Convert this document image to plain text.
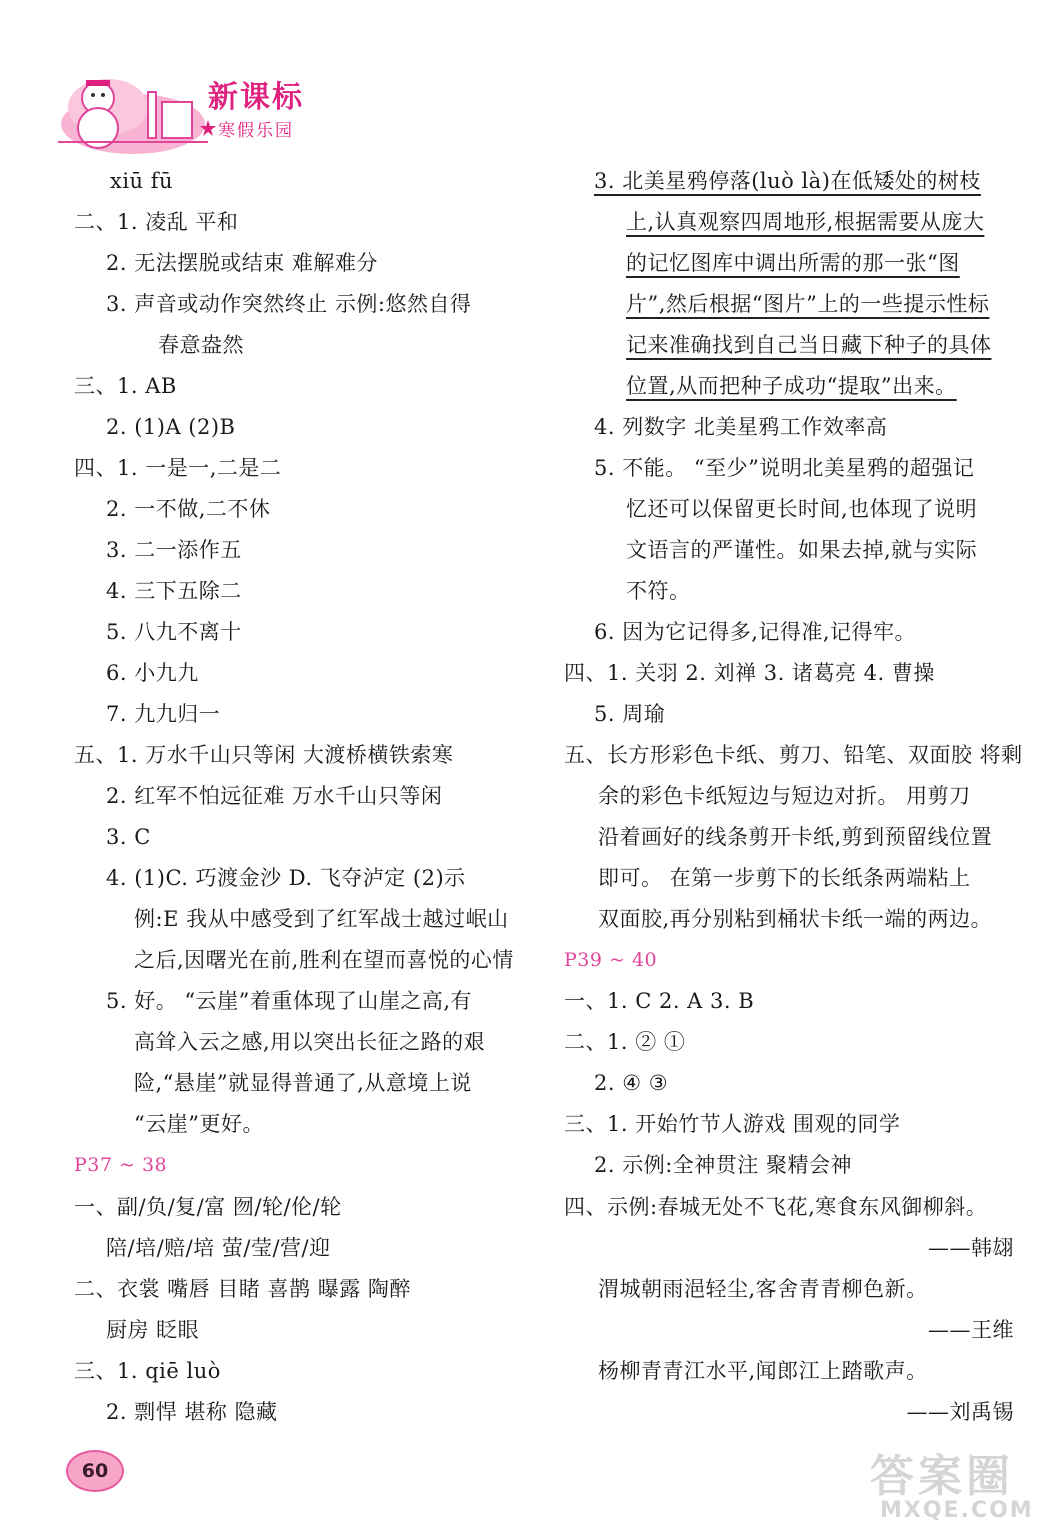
新课标
寒假乐园
xiū fū
二、1. 凌乱 平和
2. 无法摆脱或结束 难解难分
3. 声音或动作突然终止 示例:悠然自得
春意盎然
三、1. AB
2. (1)A (2)B
四、1. 一是一,二是二
2. 一不做,二不休
3. 二一添作五
4. 三下五除二
5. 八九不离十
6. 小九九
7. 九九归一
五、1. 万水千山只等闲 大渡桥横铁索寒
2. 红军不怕远征难 万水千山只等闲
3. C
4. (1)C. 巧渡金沙 D. 飞夺泸定 (2)示
例:E 我从中感受到了红军战士越过岷山
之后,因曙光在前,胜利在望而喜悦的心情
5. 好。 “云崖”着重体现了山崖之高,有
高耸入云之感,用以突出长征之路的艰
险,“悬崖”就显得普通了,从意境上说
“云崖”更好。
P37 ~ 38
一、副/负/复/富 囫/轮/伦/轮
陪/培/赔/培 萤/莹/营/迎
二、衣裳 嘴唇 目睹 喜鹊 曝露 陶醉
厨房 眨眼
三、1. qiē luò
2. 剽悍 堪称 隐藏
3. 北美星鸦停落(luò là)在低矮处的树枝
上,认真观察四周地形,根据需要从庞大
的记忆图库中调出所需的那一张“图
片”,然后根据“图片”上的一些提示性标
记来准确找到自己当日藏下种子的具体
位置,从而把种子成功“提取”出来。
4. 列数字 北美星鸦工作效率高
5. 不能。 “至少”说明北美星鸦的超强记
忆还可以保留更长时间,也体现了说明
文语言的严谨性。如果去掉,就与实际
不符。
6. 因为它记得多,记得准,记得牢。
四、1. 关羽 2. 刘禅 3. 诸葛亮 4. 曹操
5. 周瑜
五、长方形彩色卡纸、剪刀、铅笔、双面胶 将剩
余的彩色卡纸短边与短边对折。 用剪刀
沿着画好的线条剪开卡纸,剪到预留线位置
即可。 在第一步剪下的长纸条两端粘上
双面胶,再分别粘到桶状卡纸一端的两边。
P39 ~ 40
一、1. C 2. A 3. B
二、1. ② ①
2. ④ ③
三、1. 开始竹节人游戏 围观的同学
2. 示例:全神贯注 聚精会神
四、示例:春城无处不飞花,寒食东风御柳斜。
——韩翃
渭城朝雨浥轻尘,客舍青青柳色新。
——王维
杨柳青青江水平,闻郎江上踏歌声。
——刘禹锡
60	答案圈
MXQE.COM
